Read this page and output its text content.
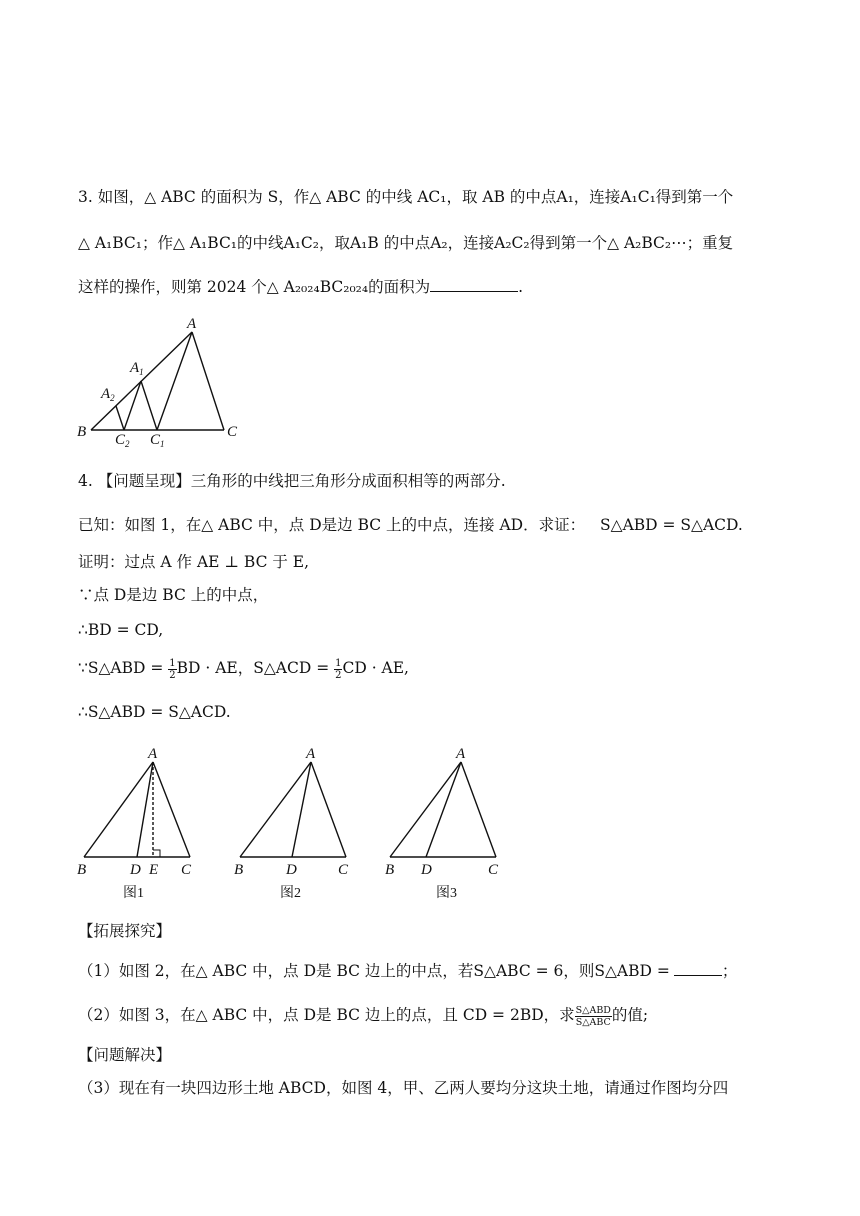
3. 如图，△ ABC 的面积为 S，作△ ABC 的中线 AC₁，取 AB 的中点A₁，连接A₁C₁得到第一个
△ A₁BC₁；作△ A₁BC₁的中线A₁C₂，取A₁B 的中点A₂，连接A₂C₂得到第一个△ A₂BC₂⋯；重复
这样的操作，则第 2024 个△ A₂₀₂₄BC₂₀₂₄的面积为	.
A
$A_1$
$A_2$
B	C
$C_1$
$C_2$
4. 【问题呈现】三角形的中线把三角形分成面积相等的两部分.
已知：如图 1，在△ ABC 中，点 D是边 BC 上的中点，连接 AD．求证： S△ABD = S△ACD.
证明：过点 A 作 AE ⊥ BC 于 E,
∵点 D是边 BC 上的中点，
∴BD = CD,
∵S△ABD = $\frac{1}{2}$ BD · AE，S△ACD = $\frac{1}{2}$ CD · AE,
∴S△ABD = S△ACD.
A
B	D E C
图1
A
B	D	C
图2
A
B D	C
图3
【拓展探究】
（1）如图 2，在△ ABC 中，点 D是 BC 边上的中点，若S△ABC = 6，则S△ABD =	；
（2）如图 3，在△ ABC 中，点 D是 BC 边上的点，且 CD = 2BD，求 $\frac{\text{S△ABD}}{\text{S△ABC}}$ 的值;
【问题解决】
（3）现在有一块四边形土地 ABCD，如图 4，甲、乙两人要均分这块土地，请通过作图均分四
